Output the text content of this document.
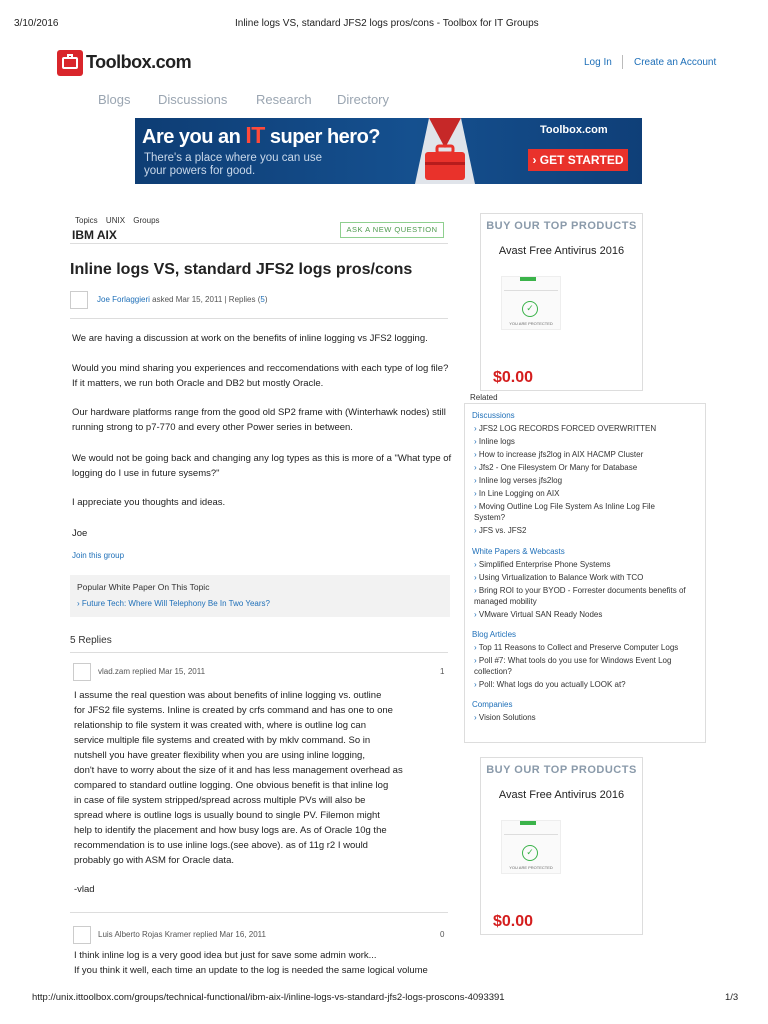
3/10/2016	Inline logs VS, standard JFS2 logs pros/cons - Toolbox for IT Groups
Toolbox.com	Log In Create an Account
Blogs Discussions Research Directory
Are you an IT super hero?
There's a place where you can use your powers for good.
Toolbox.com
› GET STARTED
Topics UNIX Groups
IBM AIX	ASK A NEW QUESTION
Inline logs VS, standard JFS2 logs pros/cons
Joe Forlaggieri asked Mar 15, 2011 | Replies (5)
We are having a discussion at work on the benefits of inline logging vs JFS2 logging.
Would you mind sharing you experiences and reccomendations with each type of log file? If it matters, we run both Oracle and DB2 but mostly Oracle.
Our hardware platforms range from the good old SP2 frame with (Winterhawk nodes) still running strong to p7-770 and every other Power series in between.
We would not be going back and changing any log types as this is more of a "What type of logging do I use in future sysems?"
I appreciate you thoughts and ideas.
Joe
Join this group
Popular White Paper On This Topic
› Future Tech: Where Will Telephony Be In Two Years?
5 Replies
vlad.zam replied Mar 15, 2011	1
I assume the real question was about benefits of inline logging vs. outline
for JFS2 file systems. Inline is created by crfs command and has one to one
relationship to file system it was created with, where is outline log can
service multiple file systems and created with by mklv command. So in
nutshell you have greater flexibility when you are using inline logging,
don't have to worry about the size of it and has less management overhead as
compared to standard outline logging. One obvious benefit is that inline log
in case of file system stripped/spread across multiple PVs will also be
spread where is outline logs is usually bound to single PV. Filemon might
help to identify the placement and how busy logs are. As of Oracle 10g the
recommendation is to use inline logs.(see above). as of 11g r2 I would
probably go with ASM for Oracle data.
-vlad
Luis Alberto Rojas Kramer replied Mar 16, 2011	0
I think inline log is a very good idea but just for save some admin work...
If you think it well, each time an update to the log is needed the same logical volume
BUY OUR TOP PRODUCTS
Avast Free Antivirus 2016
✓
YOU ARE PROTECTED
$0.00
Related
Discussions
› JFS2 LOG RECORDS FORCED OVERWRITTEN
› Inline logs
› How to increase jfs2log in AIX HACMP Cluster
› Jfs2 - One Filesystem Or Many for Database
› Inline log verses jfs2log
› In Line Logging on AIX
› Moving Outline Log File System As Inline Log File System?
› JFS vs. JFS2
White Papers & Webcasts
› Simplified Enterprise Phone Systems
› Using Virtualization to Balance Work with TCO
› Bring ROI to your BYOD - Forrester documents benefits of managed mobility
› VMware Virtual SAN Ready Nodes
Blog Articles
› Top 11 Reasons to Collect and Preserve Computer Logs
› Poll #7: What tools do you use for Windows Event Log collection?
› Poll: What logs do you actually LOOK at?
Companies
› Vision Solutions
BUY OUR TOP PRODUCTS
Avast Free Antivirus 2016
✓
YOU ARE PROTECTED
$0.00
http://unix.ittoolbox.com/groups/technical-functional/ibm-aix-l/inline-logs-vs-standard-jfs2-logs-proscons-4093391	1/3
